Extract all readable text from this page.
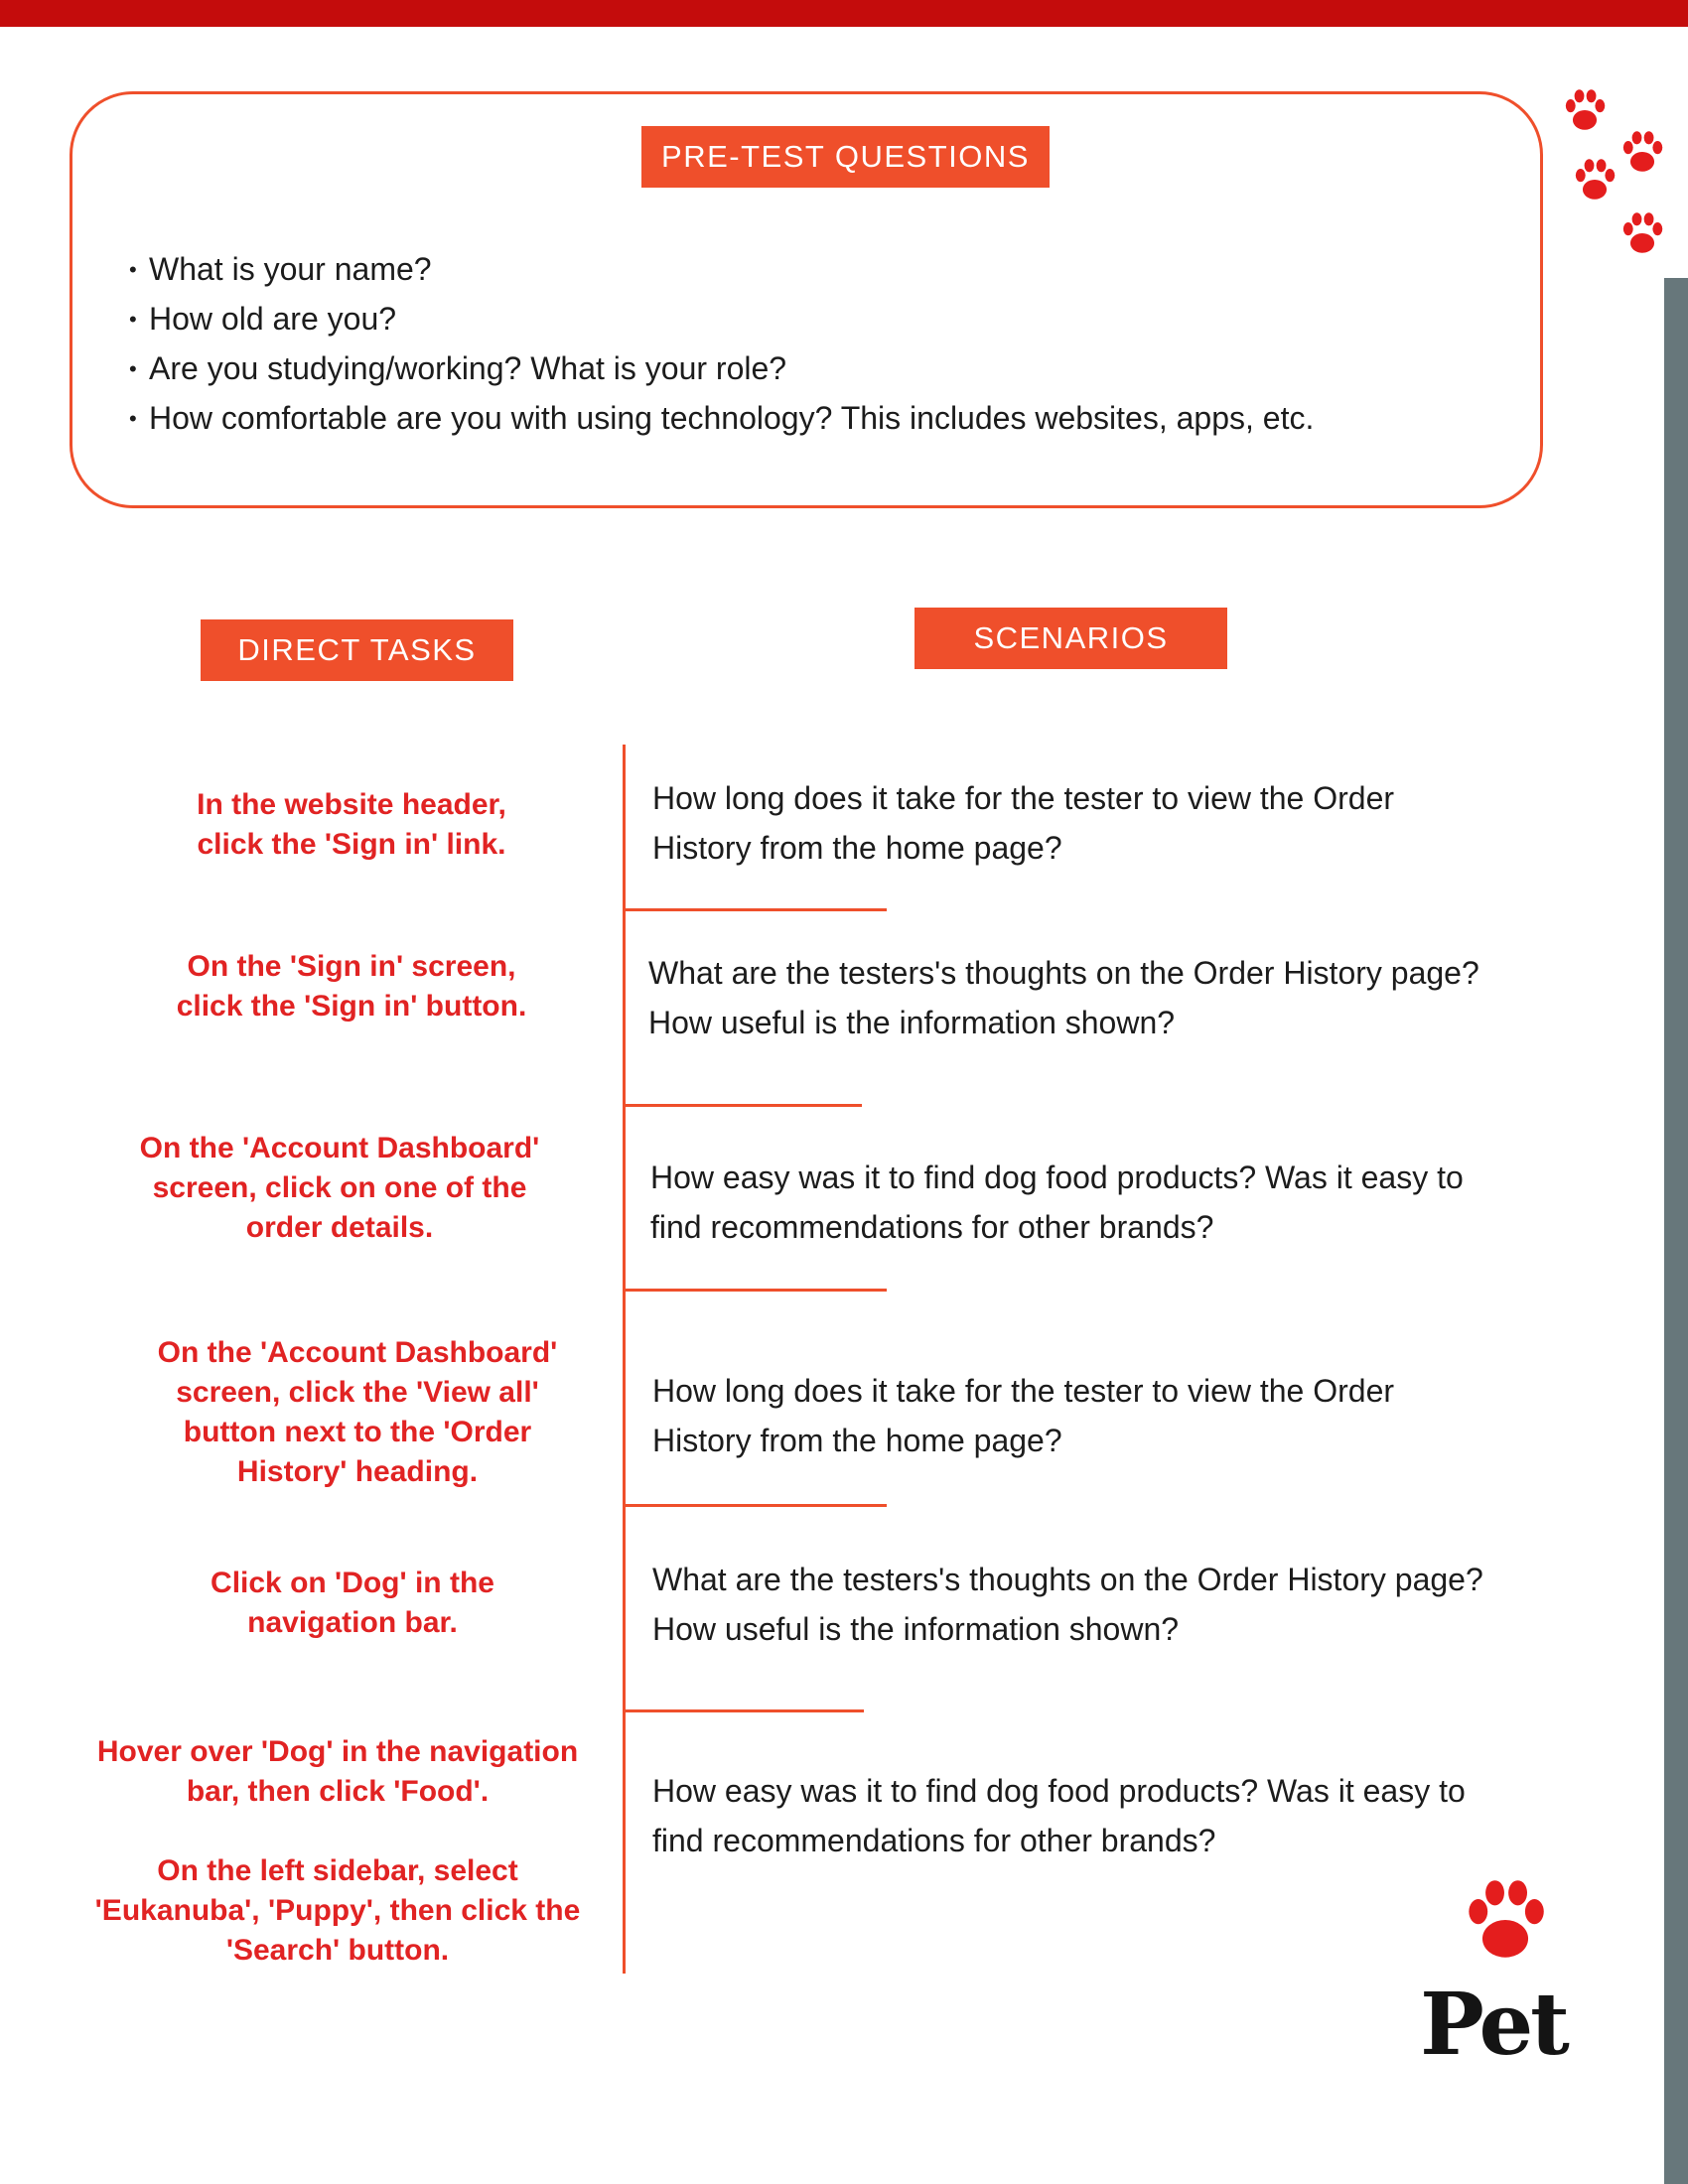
PRE-TEST QUESTIONS
• What is your name?
• How old are you?
• Are you studying/working? What is your role?
• How comfortable are you with using technology? This includes websites, apps, etc.
DIRECT TASKS	SCENARIOS
In the website header,
click the 'Sign in' link.
On the 'Sign in' screen,
click the 'Sign in' button.
On the 'Account Dashboard'
screen, click on one of the
order details.
On the 'Account Dashboard'
screen, click the 'View all'
button next to the 'Order
History' heading.
Click on 'Dog' in the
navigation bar.
Hover over 'Dog' in the navigation
bar, then click 'Food'.
On the left sidebar, select
'Eukanuba', 'Puppy', then click the
'Search' button.
How long does it take for the tester to view the Order
History from the home page?
What are the testers's thoughts on the Order History page?
How useful is the information shown?
How easy was it to find dog food products? Was it easy to
find recommendations for other brands?
How long does it take for the tester to view the Order
History from the home page?
What are the testers's thoughts on the Order History page?
How useful is the information shown?
How easy was it to find dog food products? Was it easy to
find recommendations for other brands?
Pet
